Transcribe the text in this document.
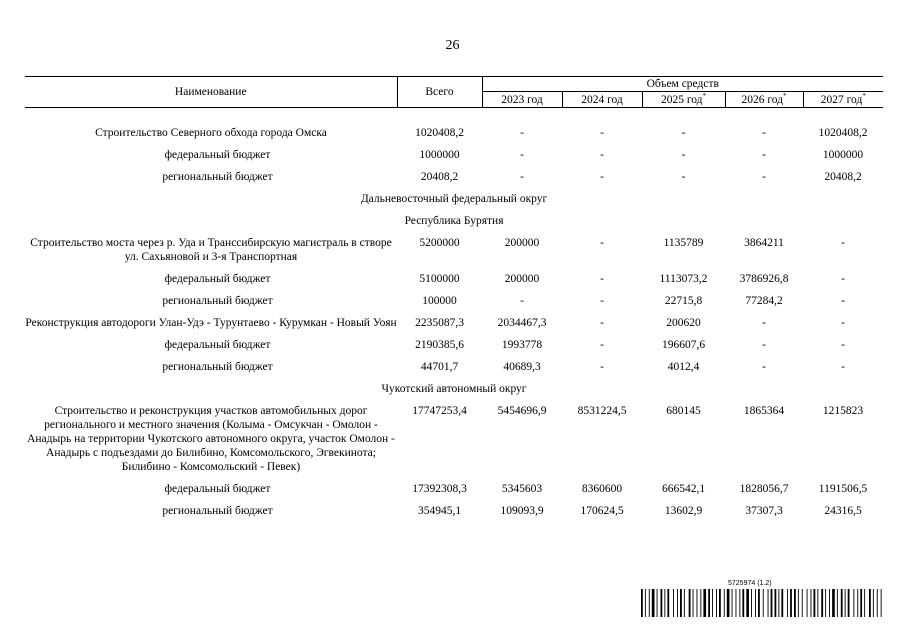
26
Наименование	Всего	Объем средств				
		2023 год	2024 год	2025 год*	2026 год*	2027 год*

Строительство Северного обхода города Омска	1020408,2	-	-	-	-	1020408,2
федеральный бюджет	1000000	-	-	-	-	1000000
региональный бюджет	20408,2	-	-	-	-	20408,2
Дальневосточный федеральный округ						
Республика Бурятия						
Строительство моста через р. Уда и Транссибирскую магистраль в створе ул. Сахьяновой и 3-я Транспортная	5200000	200000	-	1135789	3864211	-
федеральный бюджет	5100000	200000	-	1113073,2	3786926,8	-
региональный бюджет	100000	-	-	22715,8	77284,2	-
Реконструкция автодороги Улан-Удэ - Турунтаево - Курумкан - Новый Уоян	2235087,3	2034467,3	-	200620	-	-
федеральный бюджет	2190385,6	1993778	-	196607,6	-	-
региональный бюджет	44701,7	40689,3	-	4012,4	-	-
Чукотский автономный округ						
Строительство и реконструкция участков автомобильных дорог регионального и местного значения (Колыма - Омсукчан - Омолон - Анадырь на территории Чукотского автономного округа, участок Омолон - Анадырь с подъездами до Билибино, Комсомольского, Эгвекинота; Билибино - Комсомольский - Певек)	17747253,4	5454696,9	8531224,5	680145	1865364	1215823
федеральный бюджет	17392308,3	5345603	8360600	666542,1	1828056,7	1191506,5
региональный бюджет	354945,1	109093,9	170624,5	13602,9	37307,3	24316,5
5725974 (1.2)
